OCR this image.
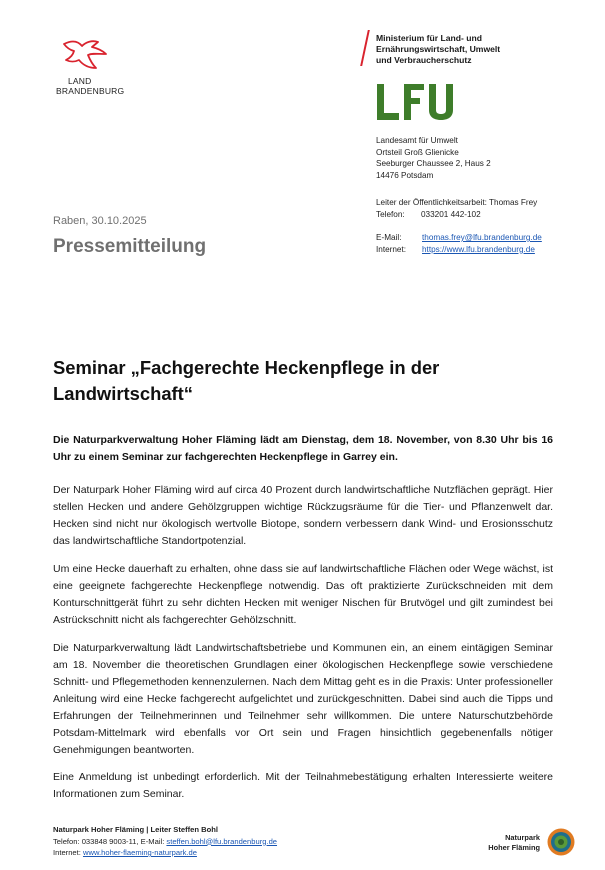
LAND
BRANDENBURG
Ministerium für Land- und
Ernährungswirtschaft, Umwelt
und Verbraucherschutz
LfU
Landesamt für Umwelt
Ortsteil Groß Glienicke
Seeburger Chaussee 2, Haus 2
14476 Potsdam
Leiter der Öffentlichkeitsarbeit: Thomas Frey
Telefon:	033201 442-102
E-Mail:	thomas.frey@lfu.brandenburg.de
Internet:	https://www.lfu.brandenburg.de
Raben, 30.10.2025
Pressemitteilung
Seminar „Fachgerechte Heckenpflege in der Landwirtschaft“

Die Naturparkverwaltung Hoher Fläming lädt am Dienstag, dem 18. November, von 8.30 Uhr bis 16 Uhr zu einem Seminar zur fachgerechten Heckenpflege in Garrey ein.

Der Naturpark Hoher Fläming wird auf circa 40 Prozent durch landwirtschaftliche Nutzflächen geprägt. Hier stellen Hecken und andere Gehölzgruppen wichtige Rückzugsräume für die Tier- und Pflanzenwelt dar. Hecken sind nicht nur ökologisch wertvolle Biotope, sondern verbessern dank Wind- und Erosionsschutz das landwirtschaftliche Standortpotenzial.

Um eine Hecke dauerhaft zu erhalten, ohne dass sie auf landwirtschaftliche Flächen oder Wege wächst, ist eine geeignete fachgerechte Heckenpflege notwendig. Das oft praktizierte Zurückschneiden mit dem Konturschnittgerät führt zu sehr dichten Hecken mit weniger Nischen für Brutvögel und gilt zumindest bei Astrückschnitt nicht als fachgerechter Gehölzschnitt.

Die Naturparkverwaltung lädt Landwirtschaftsbetriebe und Kommunen ein, an einem eintägigen Seminar am 18. November die theoretischen Grundlagen einer ökologischen Heckenpflege sowie verschiedene Schnitt- und Pflegemethoden kennenzulernen. Nach dem Mittag geht es in die Praxis: Unter professioneller Anleitung wird eine Hecke fachgerecht aufgelichtet und zurückgeschnitten. Dabei sind auch die Tipps und Erfahrungen der Teilnehmerinnen und Teilnehmer sehr willkommen. Die untere Naturschutzbehörde Potsdam-Mittelmark wird ebenfalls vor Ort sein und Fragen hinsichtlich gegebenenfalls nötiger Genehmigungen beantworten.

Eine Anmeldung ist unbedingt erforderlich. Mit der Teilnahmebestätigung erhalten Interessierte weitere Informationen zum Seminar.

Naturpark Hoher Fläming | Leiter Steffen Bohl
Telefon: 033848 9003-11, E-Mail: steffen.bohl@lfu.brandenburg.de
Internet: www.hoher-flaeming-naturpark.de
Naturpark
Hoher Fläming
